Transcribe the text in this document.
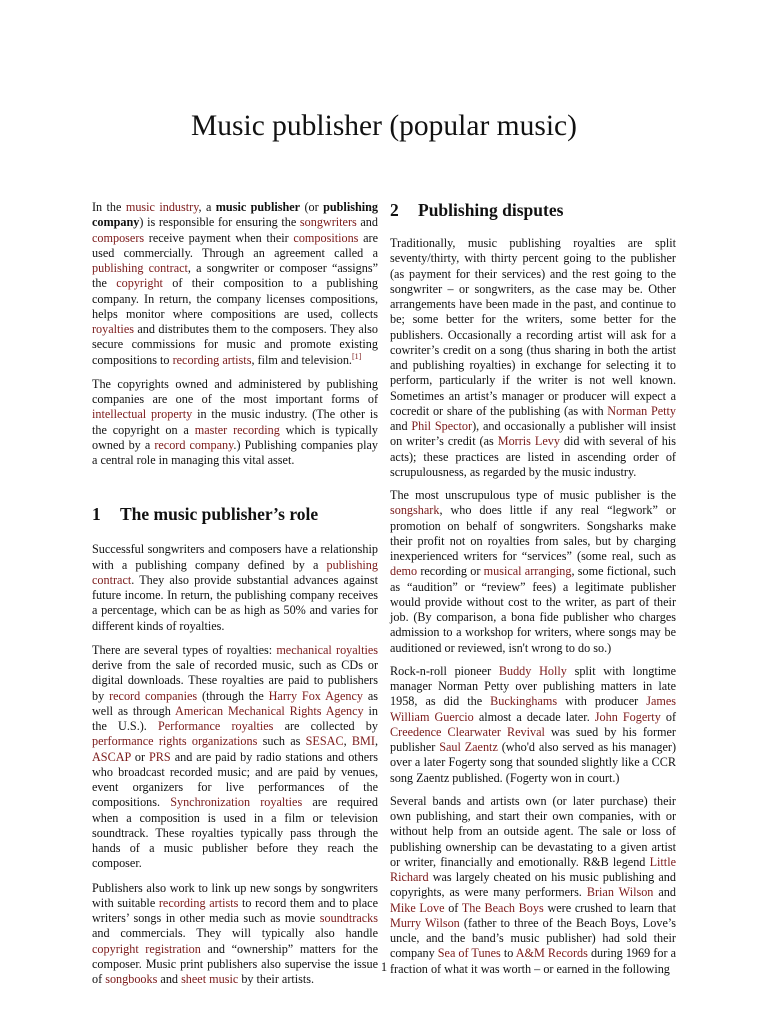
Music publisher (popular music)

In the music industry, a music publisher (or publishing company) is responsible for ensuring the songwriters and composers receive payment when their compositions are used commercially. Through an agreement called a publishing contract, a songwriter or composer “assigns” the copyright of their composition to a publishing company. In return, the company licenses compositions, helps monitor where compositions are used, collects royalties and distributes them to the composers. They also secure commissions for music and promote existing compositions to recording artists, film and television.[1]

The copyrights owned and administered by publishing companies are one of the most important forms of intellectual property in the music industry. (The other is the copyright on a master recording which is typically owned by a record company.) Publishing companies play a central role in managing this vital asset.

1 The music publisher’s role

Successful songwriters and composers have a relationship with a publishing company defined by a publishing contract. They also provide substantial advances against future income. In return, the publishing company receives a percentage, which can be as high as 50% and varies for different kinds of royalties.

There are several types of royalties: mechanical royalties derive from the sale of recorded music, such as CDs or digital downloads. These royalties are paid to publishers by record companies (through the Harry Fox Agency as well as through American Mechanical Rights Agency in the U.S.). Performance royalties are collected by performance rights organizations such as SESAC, BMI, ASCAP or PRS and are paid by radio stations and others who broadcast recorded music; and are paid by venues, event organizers for live performances of the compositions. Synchronization royalties are required when a composition is used in a film or television soundtrack. These royalties typically pass through the hands of a music publisher before they reach the composer.

Publishers also work to link up new songs by songwriters with suitable recording artists to record them and to place writers’ songs in other media such as movie soundtracks and commercials. They will typically also handle copyright registration and “ownership” matters for the composer. Music print publishers also supervise the issue of songbooks and sheet music by their artists.

2 Publishing disputes

Traditionally, music publishing royalties are split seventy/thirty, with thirty percent going to the publisher (as payment for their services) and the rest going to the songwriter – or songwriters, as the case may be. Other arrangements have been made in the past, and continue to be; some better for the writers, some better for the publishers. Occasionally a recording artist will ask for a cowriter’s credit on a song (thus sharing in both the artist and publishing royalties) in exchange for selecting it to perform, particularly if the writer is not well known. Sometimes an artist’s manager or producer will expect a cocredit or share of the publishing (as with Norman Petty and Phil Spector), and occasionally a publisher will insist on writer’s credit (as Morris Levy did with several of his acts); these practices are listed in ascending order of scrupulousness, as regarded by the music industry.

The most unscrupulous type of music publisher is the songshark, who does little if any real “legwork” or promotion on behalf of songwriters. Songsharks make their profit not on royalties from sales, but by charging inexperienced writers for “services” (some real, such as demo recording or musical arranging, some fictional, such as “audition” or “review” fees) a legitimate publisher would provide without cost to the writer, as part of their job. (By comparison, a bona fide publisher who charges admission to a workshop for writers, where songs may be auditioned or reviewed, isn't wrong to do so.)

Rock-n-roll pioneer Buddy Holly split with longtime manager Norman Petty over publishing matters in late 1958, as did the Buckinghams with producer James William Guercio almost a decade later. John Fogerty of Creedence Clearwater Revival was sued by his former publisher Saul Zaentz (who'd also served as his manager) over a later Fogerty song that sounded slightly like a CCR song Zaentz published. (Fogerty won in court.)

Several bands and artists own (or later purchase) their own publishing, and start their own companies, with or without help from an outside agent. The sale or loss of publishing ownership can be devastating to a given artist or writer, financially and emotionally. R&B legend Little Richard was largely cheated on his music publishing and copyrights, as were many performers. Brian Wilson and Mike Love of The Beach Boys were crushed to learn that Murry Wilson (father to three of the Beach Boys, Love’s uncle, and the band’s music publisher) had sold their company Sea of Tunes to A&M Records during 1969 for a fraction of what it was worth – or earned in the following

1
